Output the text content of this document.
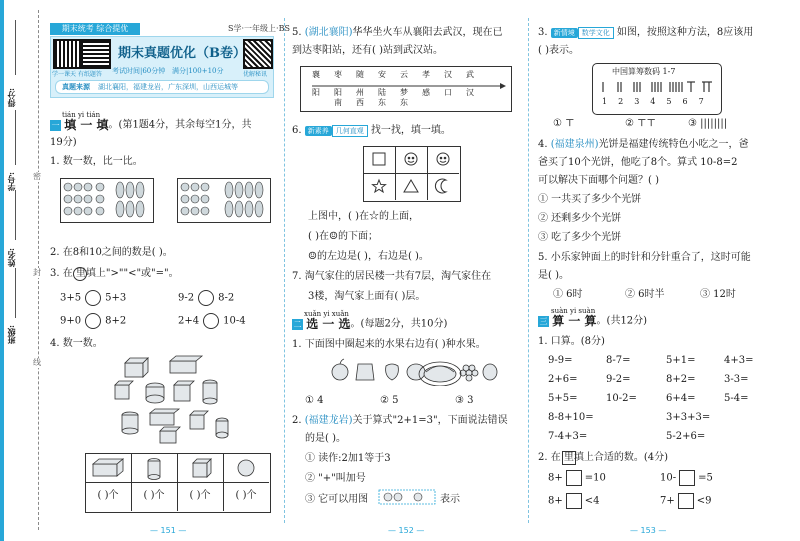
得分:
学号:
姓名:
班级:
密
封
线
期末统考 综合提优	S学·一年级上·BS
学一课天 有纸题答	优解秘讯
期末真题优化（B卷）
考试时间|60分钟 满分|100+10分
真题来源 湖北襄阳，福建龙岩，广东深圳，山西运城等
tián yi tián
一 填 一 填。(第1题4分，其余每空1分，共
19分)
1. 数一数，比一比。
2. 在8和10之间的数是( )。
3. 在 里填上">""<"或"="。
3+5 5+3	9-2 8-2
9+0 8+2	2+4 10-4
4. 数一数。
( )个	( )个	( )个	( )个
— 151 —
5. (湖北襄阳)华华坐火车从襄阳去武汉，现在已
到达枣阳站，还有( )站到武汉站。
襄 枣 随 安 云 孝 汉 武
阳 阳 州 陆 梦 感 口 汉
南 西 东 东
6. 新素养 几何直观 找一找，填一填。
上图中，( )在☆的上面，
( )在☺的下面；
☺的左边是( )，右边是( )。
7. 淘气家住的居民楼一共有7层，淘气家住在
3楼，淘气家上面有( )层。
xuǎn yi xuǎn
二 选 一 选。(每题2分，共10分)
1. 下面图中圈起来的水果右边有( )种水果。
① 4	② 5	③ 3
2. (福建龙岩)关于算式"2+1=3"，下面说法错误
的是( )。
① 读作:2加1等于3
② "+"叫加号
③ 它可以用图	表示
— 152 —
3. 新情境 数学文化 如图，按照这种方法，8应该用
( )表示。
中国算筹数码 1-7
1 2 3 4 5 6 7
① ⊤	② ⊤⊤	③ ||||||||
4. (福建泉州)光饼是福建传统特色小吃之一，爸
爸买了10个光饼，他吃了8个。算式 10-8=2
可以解决下面哪个问题？( )
① 一共买了多少个光饼
② 还剩多少个光饼
③ 吃了多少个光饼
5. 小乐家钟面上的时针和分针重合了，这时可能
是( )。
① 6时	② 6时半	③ 12时
suàn yi suàn
三 算 一 算。(共12分)
1. 口算。(8分)
9-9=	8-7=	5+1=	4+3=
2+6=	9-2=	8+2=	3-3=
5+5=	10-2=	6+4=	5-4=
8-8+10=	3+3+3=
7-4+3=	5-2+6=
2. 在 里填上合适的数。(4分)
8+ =10	10- =5
8+ <4	7+ <9
— 153 —
